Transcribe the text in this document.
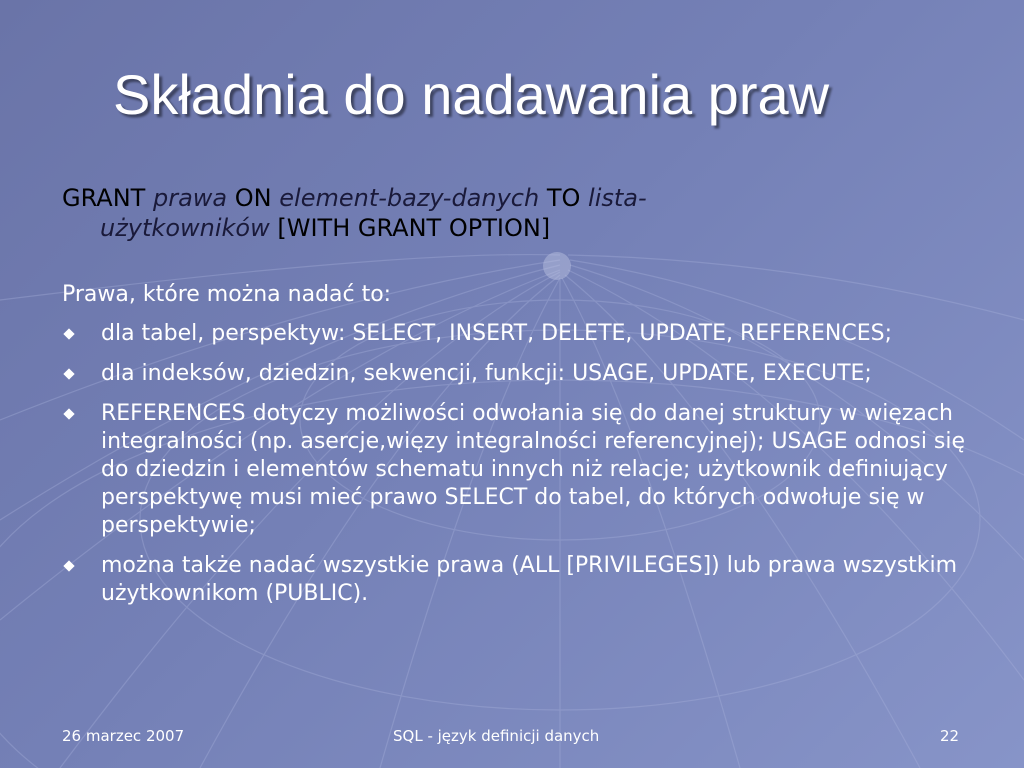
Składnia do nadawania praw
GRANT prawa ON element-bazy-danych TO lista-
użytkowników [WITH GRANT OPTION]
Prawa, które można nadać to:
dla tabel, perspektyw: SELECT, INSERT, DELETE, UPDATE, REFERENCES;
dla indeksów, dziedzin, sekwencji, funkcji: USAGE, UPDATE, EXECUTE;
REFERENCES dotyczy możliwości odwołania się do danej struktury w więzach integralności (np. asercje,więzy integralności referencyjnej); USAGE odnosi się do dziedzin i elementów schematu innych niż relacje; użytkownik definiujący perspektywę musi mieć prawo SELECT do tabel, do których odwołuje się w perspektywie;
można także nadać wszystkie prawa (ALL [PRIVILEGES]) lub prawa wszystkim użytkownikom (PUBLIC).
26 marzec 2007	SQL - język definicji danych	22
